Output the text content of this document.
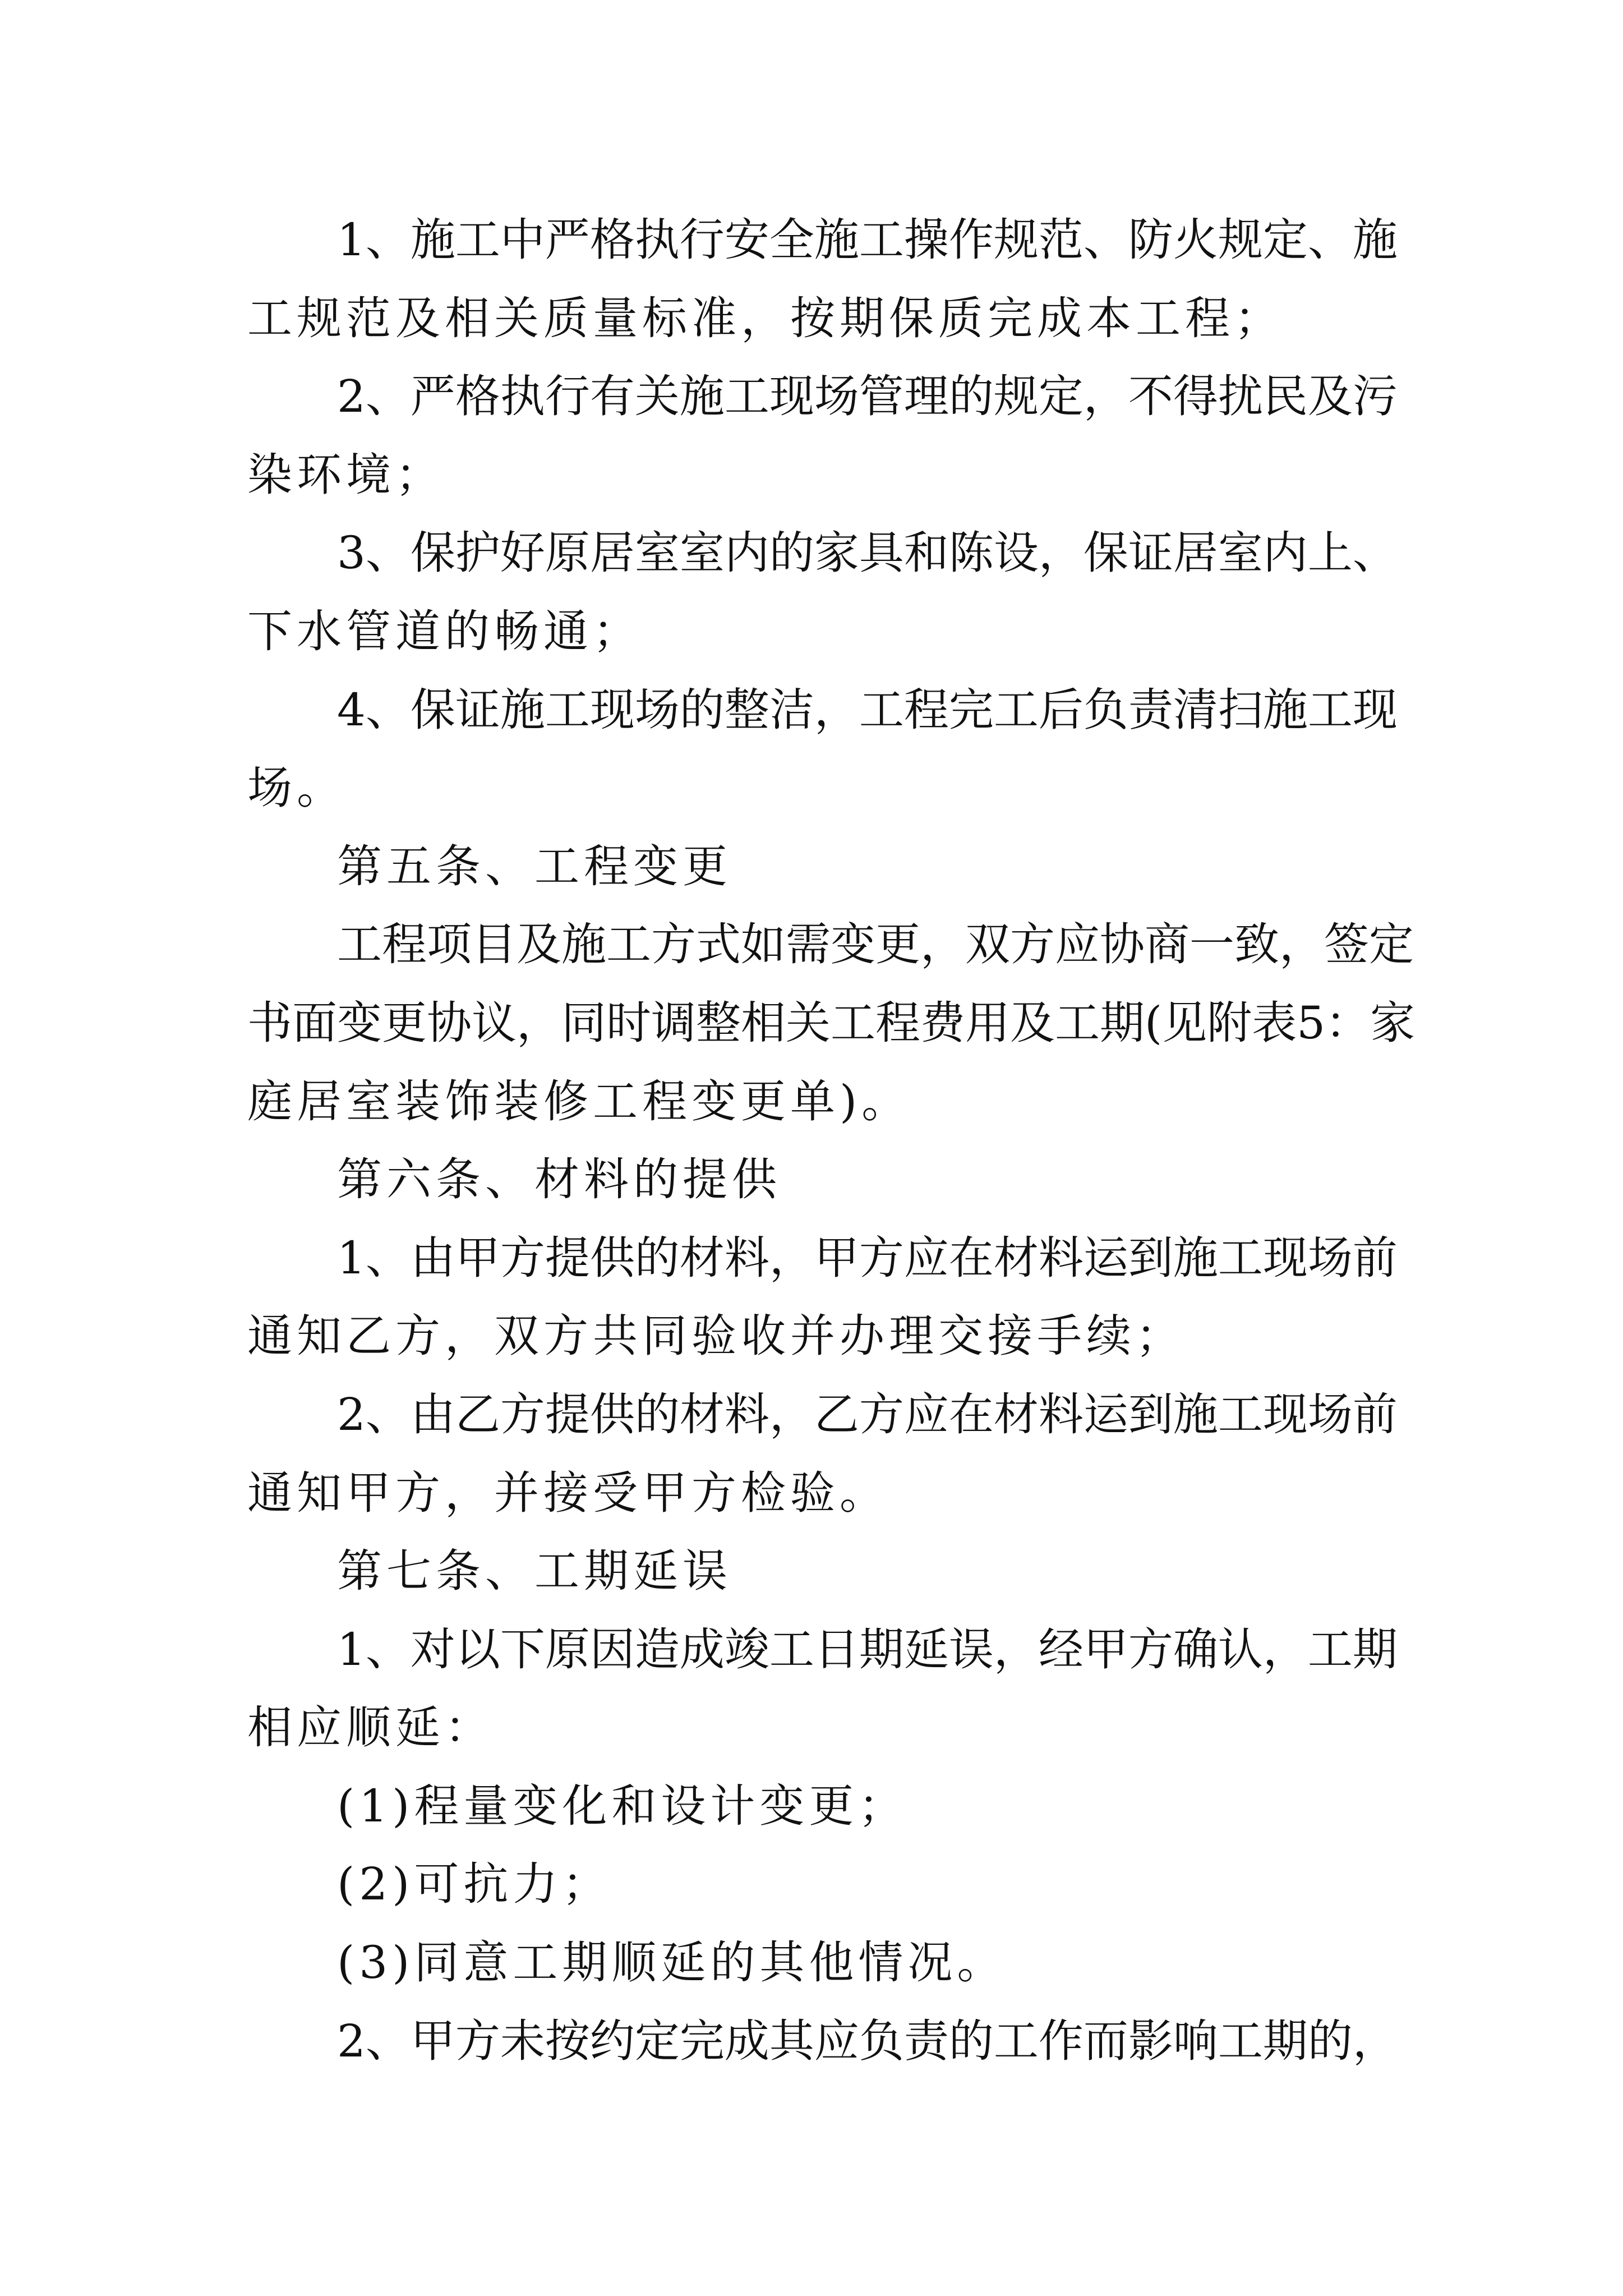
1、施工中严格执行安全施工操作规范、防火规定、施
工规范及相关质量标准，按期保质完成本工程；
2、严格执行有关施工现场管理的规定，不得扰民及污
染环境；
3、保护好原居室室内的家具和陈设，保证居室内上、
下水管道的畅通；
4、保证施工现场的整洁，工程完工后负责清扫施工现
场。
第五条、工程变更
工程项目及施工方式如需变更，双方应协商一致，签定
书面变更协议，同时调整相关工程费用及工期(见附表5：家
庭居室装饰装修工程变更单)。
第六条、材料的提供
1、由甲方提供的材料，甲方应在材料运到施工现场前
通知乙方，双方共同验收并办理交接手续；
2、由乙方提供的材料，乙方应在材料运到施工现场前
通知甲方，并接受甲方检验。
第七条、工期延误
1、对以下原因造成竣工日期延误，经甲方确认，工期
相应顺延：
(1)程量变化和设计变更；
(2)可抗力；
(3)同意工期顺延的其他情况。
2、甲方未按约定完成其应负责的工作而影响工期的，
